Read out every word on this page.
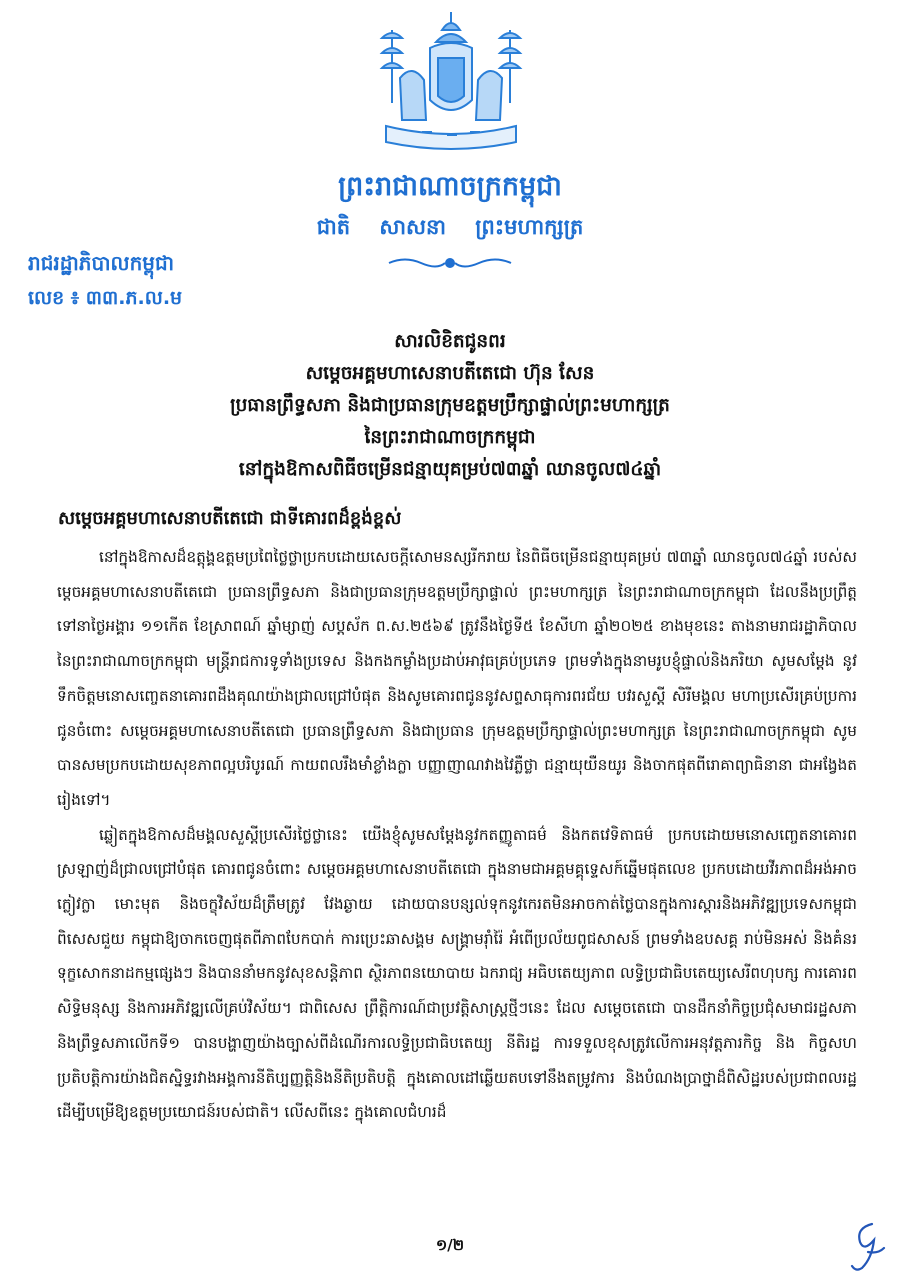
ព្រះរាជាណាចក្រកម្ពុជា
ជាតិ សាសនា ព្រះមហាក្សត្រ
រាជរដ្ឋាភិបាលកម្ពុជា
លេខ ៖ ៣៣.ភ.ល.ម
សារលិខិតជូនពរ
សម្តេចអគ្គមហាសេនាបតីតេជោ ហ៊ុន សែន
ប្រធានព្រឹទ្ធសភា និងជាប្រធានក្រុមឧត្តមប្រឹក្សាផ្ទាល់ព្រះមហាក្សត្រ
នៃព្រះរាជាណាចក្រកម្ពុជា
នៅក្នុងឱកាសពិធីចម្រើនជន្មាយុគម្រប់៧៣ឆ្នាំ ឈានចូល៧៤ឆ្នាំ
សម្តេចអគ្គមហាសេនាបតីតេជោ ជាទីគោរពដ៏ខ្ពង់ខ្ពស់

នៅក្នុងឱកាសដ៏ឧត្តុង្គឧត្តមប្រពៃថ្លៃថ្លាប្រកបដោយសេចក្តីសោមនស្សរីករាយ នៃពិធីចម្រើនជន្មាយុគម្រប់ ៧៣ឆ្នាំ ឈានចូល៧៤ឆ្នាំ របស់សម្តេចអគ្គមហាសេនាបតីតេជោ ប្រធានព្រឹទ្ធសភា និងជាប្រធានក្រុមឧត្តមប្រឹក្សាផ្ទាល់ ព្រះមហាក្សត្រ នៃព្រះរាជាណាចក្រកម្ពុជា ដែលនឹងប្រព្រឹត្តទៅនាថ្ងៃអង្គារ ១១កើត ខែស្រាពណ៍ ឆ្នាំម្សាញ់ សប្តស័ក ព.ស.២៥៦៩ ត្រូវនឹងថ្ងៃទី៥ ខែសីហា ឆ្នាំ២០២៥ ខាងមុខនេះ តាងនាមរាជរដ្ឋាភិបាលនៃព្រះរាជាណាចក្រកម្ពុជា មន្ត្រីរាជការទូទាំងប្រទេស និងកងកម្លាំងប្រដាប់អាវុធគ្រប់ប្រភេទ ព្រមទាំងក្នុងនាមរូបខ្ញុំផ្ទាល់និងភរិយា សូមសម្តែង នូវទឹកចិត្តមនោសញ្ចេតនាគោរពដឹងគុណយ៉ាងជ្រាលជ្រៅបំផុត និងសូមគោរពជូននូវសព្ទសាធុការពរជ័យ បវរសួស្តី សិរីមង្គល មហាប្រសើរគ្រប់ប្រការ ជូនចំពោះ សម្តេចអគ្គមហាសេនាបតីតេជោ ប្រធានព្រឹទ្ធសភា និងជាប្រធាន ក្រុមឧត្តមប្រឹក្សាផ្ទាល់ព្រះមហាក្សត្រ នៃព្រះរាជាណាចក្រកម្ពុជា សូមបានសមប្រកបដោយសុខភាពល្អបរិបូរណ៍ កាយពលរឹងមាំខ្លាំងក្លា បញ្ញាញាណវាងវៃភ្លឺថ្លា ជន្មាយុយឺនយូរ និងចាកផុតពីរោគាព្យាធិនានា ជាអង្វែងតរៀងទៅ។

ឆ្លៀតក្នុងឱកាសដ៏មង្គលសួស្តីប្រសើរថ្លៃថ្លានេះ យើងខ្ញុំសូមសម្តែងនូវកតញ្ញូតាធម៌ និងកតវេទិតាធម៌ ប្រកបដោយមនោសញ្ចេតនាគោរពស្រឡាញ់ដ៏ជ្រាលជ្រៅបំផុត គោរពជូនចំពោះ សម្តេចអគ្គមហាសេនាបតីតេជោ ក្នុងនាមជាអគ្គមគ្គុទ្ទេសក៍ឆ្នើមផុតលេខ ប្រកបដោយវីរភាពដ៏អង់អាចក្លៀវក្លា មោះមុត និងចក្ខុវិស័យដ៏ត្រឹមត្រូវ វែងឆ្ងាយ ដោយបានបន្សល់ទុកនូវកេរតមិនអាចកាត់ថ្លៃបានក្នុងការស្តារនិងអភិវឌ្ឍប្រទេសកម្ពុជា ពិសេសជួយ កម្ពុជាឱ្យចាកចេញផុតពីភាពបែកបាក់ ការប្រេះឆាសង្គម សង្គ្រាមរុាំរ៉ៃ អំពើប្រល័យពូជសាសន៍ ព្រមទាំងឧបសគ្គ រាប់មិនអស់ និងគំនរទុក្ខសោកនាដកម្មផ្សេងៗ និងបាននាំមកនូវសុខសន្តិភាព ស្ថិរភាពនយោបាយ ឯករាជ្យ អធិបតេយ្យភាព លទ្ធិប្រជាធិបតេយ្យសេរីពហុបក្ស ការគោរពសិទ្ធិមនុស្ស និងការអភិវឌ្ឍលើគ្រប់វិស័យ។ ជាពិសេស ព្រឹត្តិការណ៍ជាប្រវត្តិសាស្ត្រថ្មីៗនេះ ដែល សម្តេចតេជោ បានដឹកនាំកិច្ចប្រជុំសមាជរដ្ឋសភានិងព្រឹទ្ធសភាលើកទី១ បានបង្ហាញយ៉ាងច្បាស់ពីដំណើរការលទ្ធិប្រជាធិបតេយ្យ នីតិរដ្ឋ ការទទួលខុសត្រូវលើការអនុវត្តភារកិច្ច និង កិច្ចសហប្រតិបត្តិការយ៉ាងជិតស្និទ្ធរវាងអង្គការនីតិប្បញ្ញត្តិនិងនីតិប្រតិបត្តិ ក្នុងគោលដៅឆ្លើយតបទៅនឹងតម្រូវការ និងបំណងប្រាថ្នាដ៏ពិសិដ្ឋរបស់ប្រជាពលរដ្ឋ ដើម្បីបម្រើឱ្យឧត្តមប្រយោជន៍របស់ជាតិ។ លើសពីនេះ ក្នុងគោលជំហរដ៏

១/២
